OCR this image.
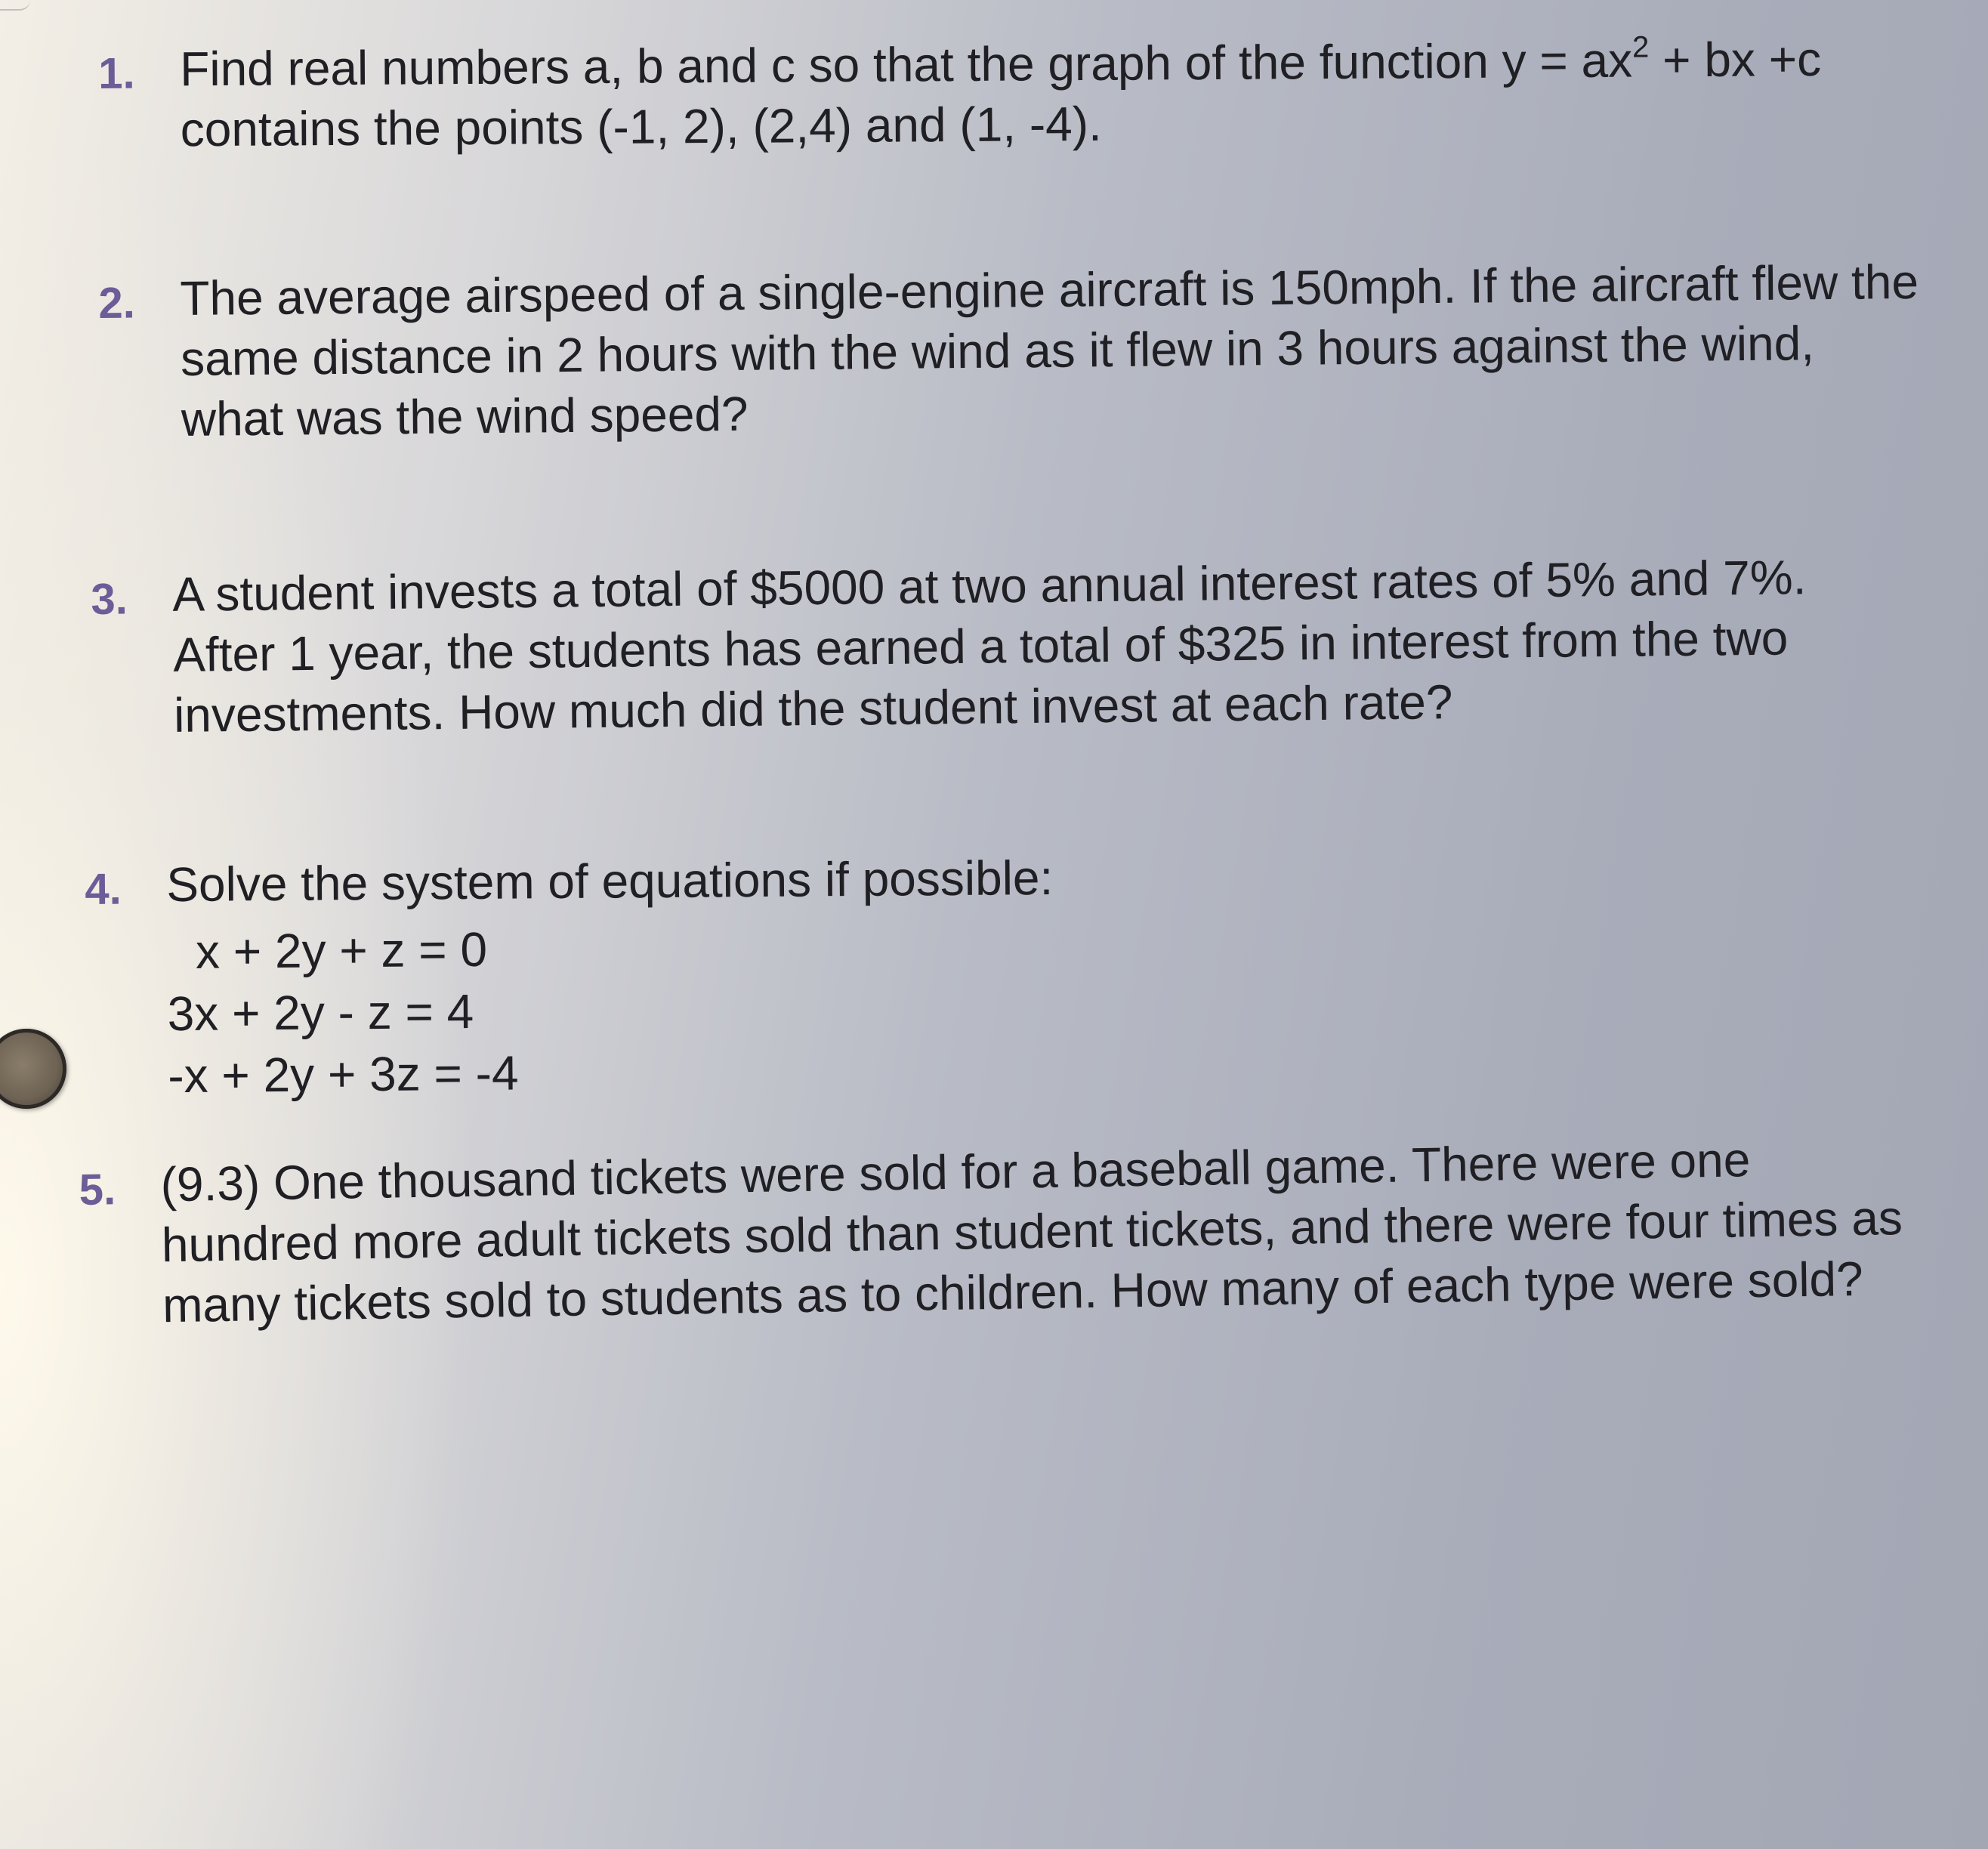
1. Find real numbers a, b and c so that the graph of the function $y = ax^2$ + bx +c
contains the points (-1, 2), (2,4) and (1, -4).
2. The average airspeed of a single-engine aircraft is 150mph. If the aircraft flew the
same distance in 2 hours with the wind as it flew in 3 hours against the wind,
what was the wind speed?
3. A student invests a total of $5000 at two annual interest rates of 5% and 7%.
After 1 year, the students has earned a total of $325 in interest from the two
investments. How much did the student invest at each rate?
4. Solve the system of equations if possible:
x + 2y + z = 0
3x + 2y - z = 4
-x + 2y + 3z = -4
5. (9.3) One thousand tickets were sold for a baseball game. There were one
hundred more adult tickets sold than student tickets, and there were four times as
many tickets sold to students as to children. How many of each type were sold?
